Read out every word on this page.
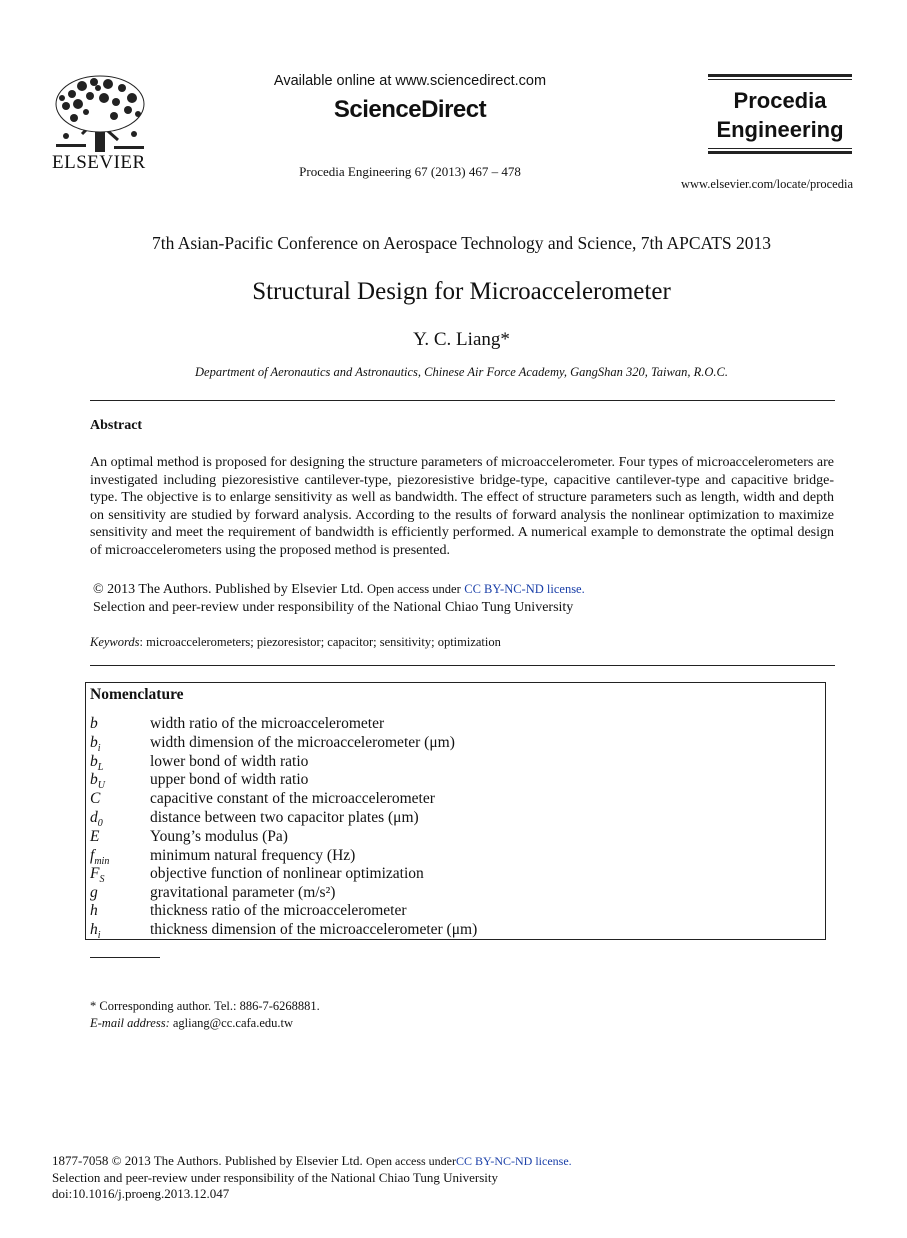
ELSEVIER
Available online at www.sciencedirect.com
ScienceDirect
Procedia Engineering 67 (2013) 467 – 478
Procedia
Engineering
www.elsevier.com/locate/procedia
7th Asian-Pacific Conference on Aerospace Technology and Science, 7th APCATS 2013
Structural Design for Microaccelerometer
Y. C. Liang*
Department of Aeronautics and Astronautics, Chinese Air Force Academy, GangShan 320, Taiwan, R.O.C.
Abstract
An optimal method is proposed for designing the structure parameters of microaccelerometer. Four types of microaccelerometers are investigated including piezoresistive cantilever-type, piezoresistive bridge-type, capacitive cantilever-type and capacitive bridge-type. The objective is to enlarge sensitivity as well as bandwidth. The effect of structure parameters such as length, width and depth on sensitivity are studied by forward analysis. According to the results of forward analysis the nonlinear optimization to maximize sensitivity and meet the requirement of bandwidth is efficiently performed. A numerical example to demonstrate the optimal design of microaccelerometers using the proposed method is presented.
© 2013 The Authors. Published by Elsevier Ltd. Open access under CC BY-NC-ND license.
Selection and peer-review under responsibility of the National Chiao Tung University
Keywords: microaccelerometers; piezoresistor; capacitor; sensitivity; optimization
Nomenclature
b	width ratio of the microaccelerometer
$b_i$	width dimension of the microaccelerometer (μm)
$b_L$	lower bond of width ratio
$b_U$	upper bond of width ratio
C	capacitive constant of the microaccelerometer
$d_0$	distance between two capacitor plates (μm)
E	Young’s modulus (Pa)
$f_{min}$	minimum natural frequency (Hz)
$F_S$	objective function of nonlinear optimization
g	gravitational parameter (m/s²)
h	thickness ratio of the microaccelerometer
$h_i$	thickness dimension of the microaccelerometer (μm)
* Corresponding author. Tel.: 886-7-6268881.
E-mail address: agliang@cc.cafa.edu.tw
1877-7058 © 2013 The Authors. Published by Elsevier Ltd. Open access underCC BY-NC-ND license.
Selection and peer-review under responsibility of the National Chiao Tung University
doi:10.1016/j.proeng.2013.12.047
